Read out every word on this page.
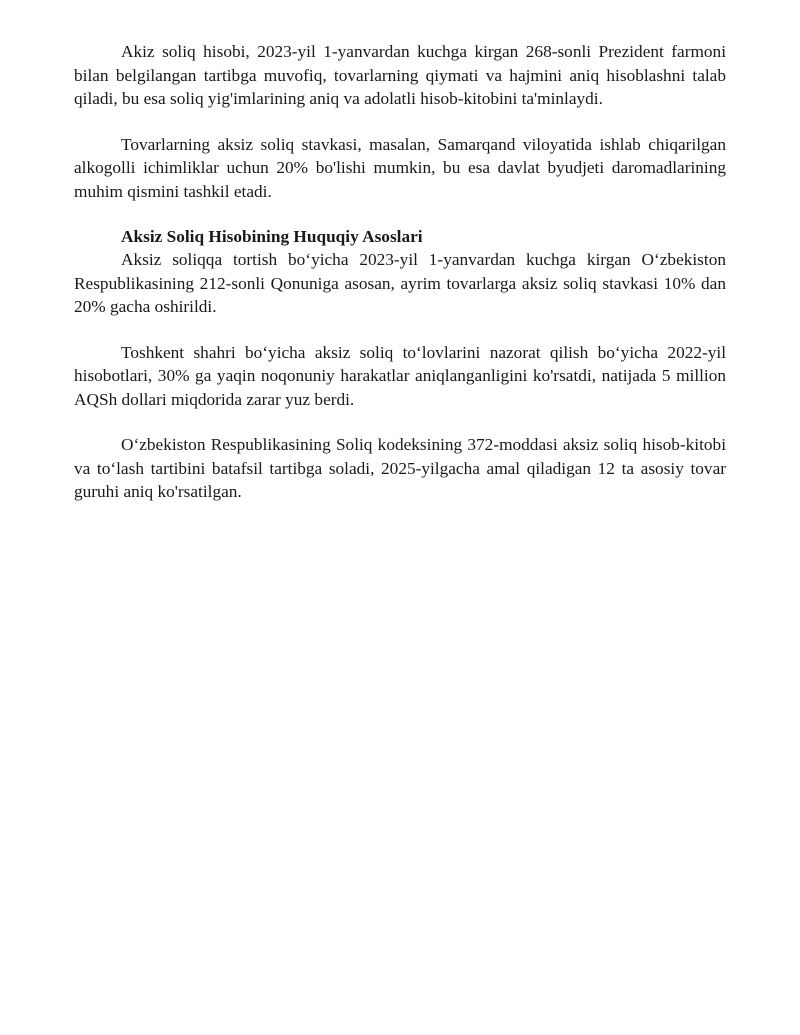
Akiz soliq hisobi, 2023-yil 1-yanvardan kuchga kirgan 268-sonli Prezident farmoni bilan belgilangan tartibga muvofiq, tovarlarning qiymati va hajmini aniq hisoblashni talab qiladi, bu esa soliq yig'imlarining aniq va adolatli hisob-kitobini ta'minlaydi.

Tovarlarning aksiz soliq stavkasi, masalan, Samarqand viloyatida ishlab chiqarilgan alkogolli ichimliklar uchun 20% bo'lishi mumkin, bu esa davlat byudjeti daromadlarining muhim qismini tashkil etadi.

Aksiz Soliq Hisobining Huquqiy Asoslari

Aksiz soliqqa tortish bo‘yicha 2023-yil 1-yanvardan kuchga kirgan O‘zbekiston Respublikasining 212-sonli Qonuniga asosan, ayrim tovarlarga aksiz soliq stavkasi 10% dan 20% gacha oshirildi.

Toshkent shahri bo‘yicha aksiz soliq to‘lovlarini nazorat qilish bo‘yicha 2022-yil hisobotlari, 30% ga yaqin noqonuniy harakatlar aniqlanganligini ko'rsatdi, natijada 5 million AQSh dollari miqdorida zarar yuz berdi.

O‘zbekiston Respublikasining Soliq kodeksining 372-moddasi aksiz soliq hisob-kitobi va to‘lash tartibini batafsil tartibga soladi, 2025-yilgacha amal qiladigan 12 ta asosiy tovar guruhi aniq ko'rsatilgan.
